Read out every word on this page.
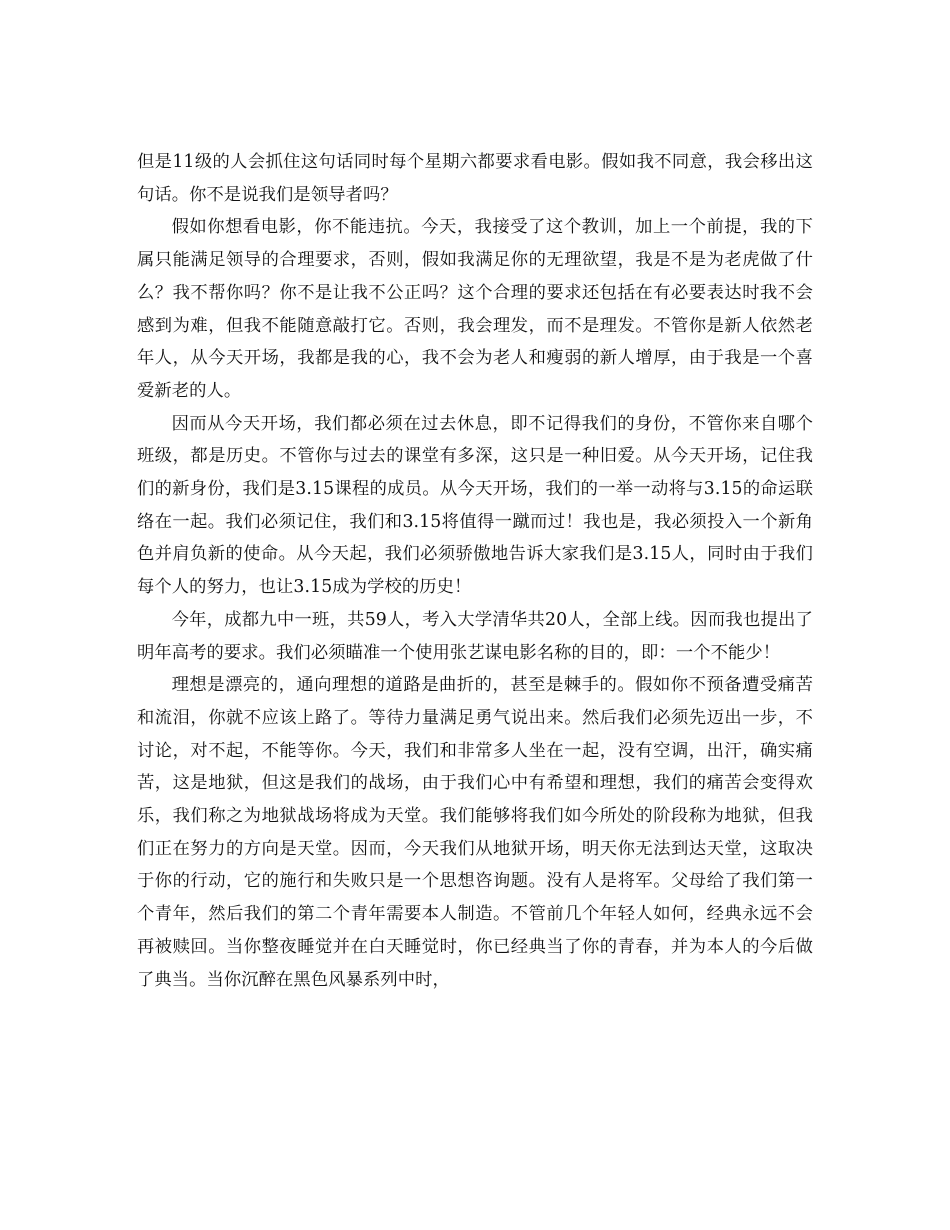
但是11级的人会抓住这句话同时每个星期六都要求看电影。假如我不同意，我会移出这句话。你不是说我们是领导者吗？

假如你想看电影，你不能违抗。今天，我接受了这个教训，加上一个前提，我的下属只能满足领导的合理要求，否则，假如我满足你的无理欲望，我是不是为老虎做了什么？我不帮你吗？你不是让我不公正吗？这个合理的要求还包括在有必要表达时我不会感到为难，但我不能随意敲打它。否则，我会理发，而不是理发。不管你是新人依然老年人，从今天开场，我都是我的心，我不会为老人和瘦弱的新人增厚，由于我是一个喜爱新老的人。

因而从今天开场，我们都必须在过去休息，即不记得我们的身份，不管你来自哪个班级，都是历史。不管你与过去的课堂有多深，这只是一种旧爱。从今天开场，记住我们的新身份，我们是3.15课程的成员。从今天开场，我们的一举一动将与3.15的命运联络在一起。我们必须记住，我们和3.15将值得一蹴而过！我也是，我必须投入一个新角色并肩负新的使命。从今天起，我们必须骄傲地告诉大家我们是3.15人，同时由于我们每个人的努力，也让3.15成为学校的历史！

今年，成都九中一班，共59人，考入大学清华共20人，全部上线。因而我也提出了明年高考的要求。我们必须瞄准一个使用张艺谋电影名称的目的，即：一个不能少！

理想是漂亮的，通向理想的道路是曲折的，甚至是棘手的。假如你不预备遭受痛苦和流泪，你就不应该上路了。等待力量满足勇气说出来。然后我们必须先迈出一步，不讨论，对不起，不能等你。今天，我们和非常多人坐在一起，没有空调，出汗，确实痛苦，这是地狱，但这是我们的战场，由于我们心中有希望和理想，我们的痛苦会变得欢乐，我们称之为地狱战场将成为天堂。我们能够将我们如今所处的阶段称为地狱，但我们正在努力的方向是天堂。因而，今天我们从地狱开场，明天你无法到达天堂，这取决于你的行动，它的施行和失败只是一个思想咨询题。没有人是将军。父母给了我们第一个青年，然后我们的第二个青年需要本人制造。不管前几个年轻人如何，经典永远不会再被赎回。当你整夜睡觉并在白天睡觉时，你已经典当了你的青春，并为本人的今后做了典当。当你沉醉在黑色风暴系列中时，
